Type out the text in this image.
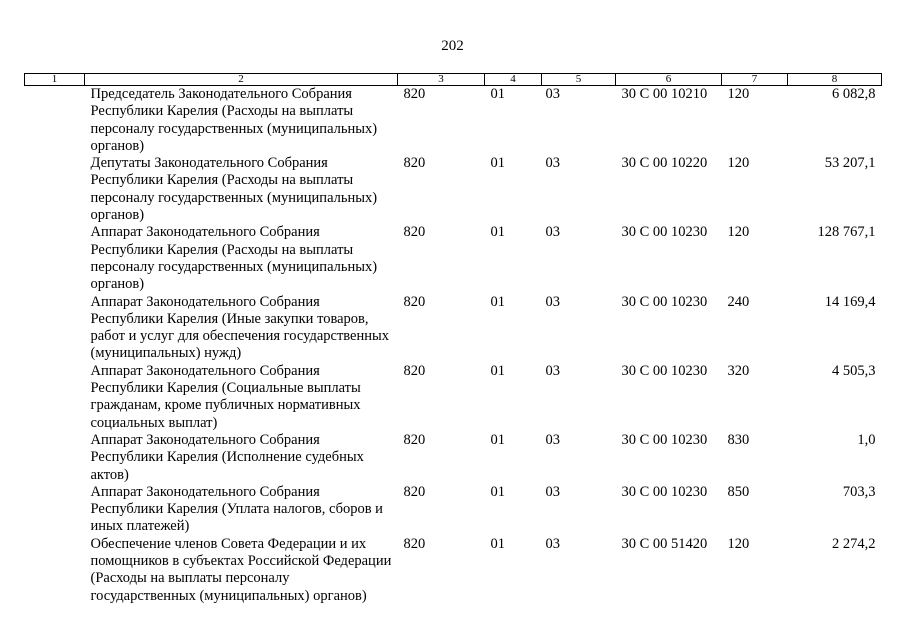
202
1	2	3	4	5	6	7	8
	Председатель Законодательного Собрания Республики Карелия (Расходы на выплаты персоналу государственных (муниципальных) органов)	820	01	03	30 С 00 10210	120	6 082,8
	Депутаты Законодательного Собрания Республики Карелия (Расходы на выплаты персоналу государственных (муниципальных) органов)	820	01	03	30 С 00 10220	120	53 207,1
	Аппарат Законодательного Собрания Республики Карелия (Расходы на выплаты персоналу государственных (муниципальных) органов)	820	01	03	30 С 00 10230	120	128 767,1
	Аппарат Законодательного Собрания Республики Карелия (Иные закупки товаров, работ и услуг для обеспечения государственных (муниципальных) нужд)	820	01	03	30 С 00 10230	240	14 169,4
	Аппарат Законодательного Собрания Республики Карелия (Социальные выплаты гражданам, кроме публичных нормативных социальных выплат)	820	01	03	30 С 00 10230	320	4 505,3
	Аппарат Законодательного Собрания Республики Карелия (Исполнение судебных актов)	820	01	03	30 С 00 10230	830	1,0
	Аппарат Законодательного Собрания Республики Карелия (Уплата налогов, сборов и иных платежей)	820	01	03	30 С 00 10230	850	703,3
	Обеспечение членов Совета Федерации и их помощников в субъектах Российской Федерации (Расходы на выплаты персоналу государственных (муниципальных) органов)	820	01	03	30 С 00 51420	120	2 274,2
